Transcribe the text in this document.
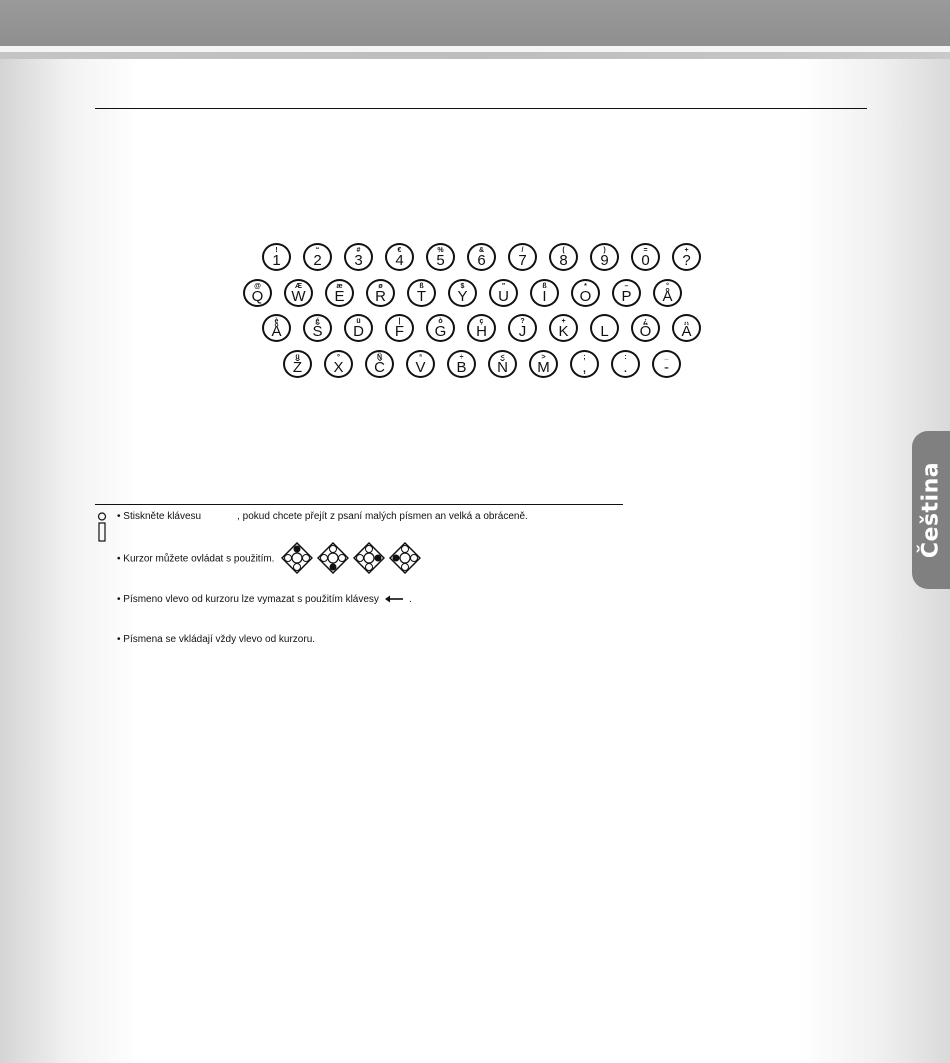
!
1
“
2
#
3
€
4
%
5
&
6
/
7
(
8
)
9
=
0
+
?
@
Q
Æ
W
æ
E
ø
R
ß
T
$
Y
"
U
ß
I
*
O
–
P
°
Å
è
Å
é
Š
ü
D
|
F
ò
G
ç
H
?
J
+
K	L
¿
Ö
‥
Ä
ü
Ž
º
X
Ñ
Č
ª
V
÷
B
<
Ň
>
M
;
,
:
.
_
-
Čeština
• Stiskněte klávesu	, pokud chcete přejít z psaní malých písmen an velká a obráceně.
• Kurzor můžete ovládat s použitím.
• Písmeno vlevo od kurzoru lze vymazat s použitím klávesy	.
• Písmena se vkládají vždy vlevo od kurzoru.
